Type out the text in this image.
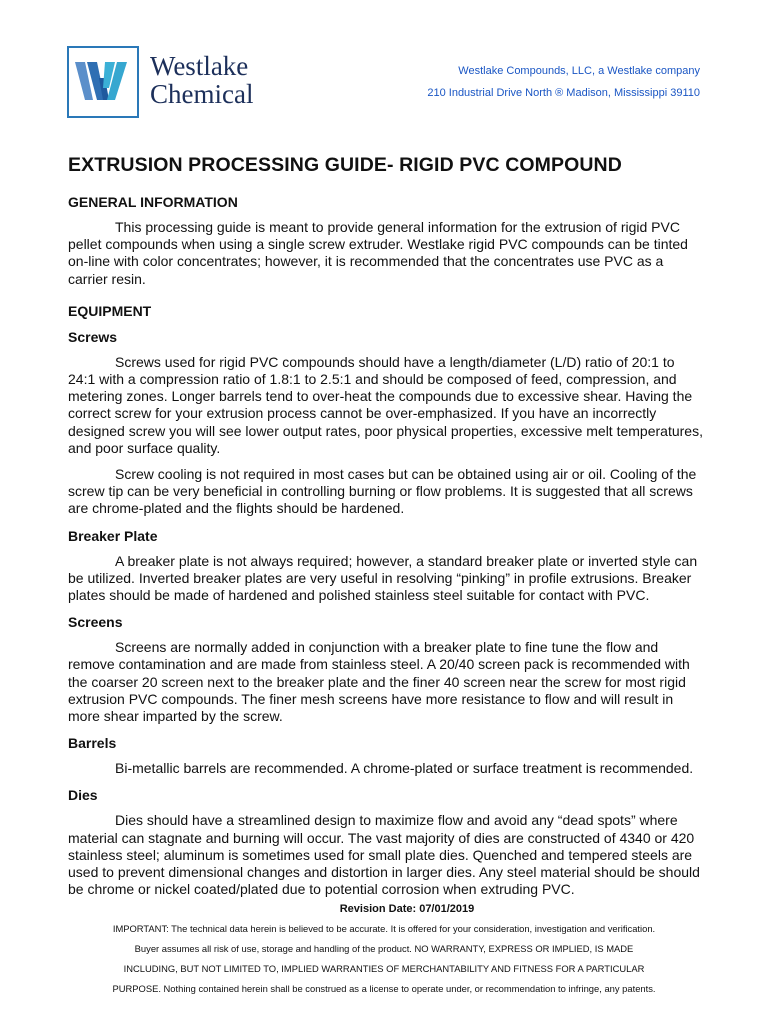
Westlake
Chemical
Westlake Compounds, LLC, a Westlake company
210 Industrial Drive North ® Madison, Mississippi 39110
EXTRUSION PROCESSING GUIDE- RIGID PVC COMPOUND
GENERAL INFORMATION

This processing guide is meant to provide general information for the extrusion of rigid PVC pellet compounds when using a single screw extruder. Westlake rigid PVC compounds can be tinted on-line with color concentrates; however, it is recommended that the concentrates use PVC as a carrier resin.

EQUIPMENT
Screws

Screws used for rigid PVC compounds should have a length/diameter (L/D) ratio of 20:1 to 24:1 with a compression ratio of 1.8:1 to 2.5:1 and should be composed of feed, compression, and metering zones. Longer barrels tend to over-heat the compounds due to excessive shear. Having the correct screw for your extrusion process cannot be over-emphasized. If you have an incorrectly designed screw you will see lower output rates, poor physical properties, excessive melt temperatures, and poor surface quality.

Screw cooling is not required in most cases but can be obtained using air or oil. Cooling of the screw tip can be very beneficial in controlling burning or flow problems. It is suggested that all screws are chrome-plated and the flights should be hardened.

Breaker Plate

A breaker plate is not always required; however, a standard breaker plate or inverted style can be utilized. Inverted breaker plates are very useful in resolving “pinking” in profile extrusions. Breaker plates should be made of hardened and polished stainless steel suitable for contact with PVC.

Screens

Screens are normally added in conjunction with a breaker plate to fine tune the flow and remove contamination and are made from stainless steel. A 20/40 screen pack is recommended with the coarser 20 screen next to the breaker plate and the finer 40 screen near the screw for most rigid extrusion PVC compounds. The finer mesh screens have more resistance to flow and will result in more shear imparted by the screw.

Barrels

Bi-metallic barrels are recommended. A chrome-plated or surface treatment is recommended.

Dies

Dies should have a streamlined design to maximize flow and avoid any “dead spots” where material can stagnate and burning will occur. The vast majority of dies are constructed of 4340 or 420 stainless steel; aluminum is sometimes used for small plate dies. Quenched and tempered steels are used to prevent dimensional changes and distortion in larger dies. Any steel material should be should be chrome or nickel coated/plated due to potential corrosion when extruding PVC.

Revision Date: 07/01/2019
IMPORTANT: The technical data herein is believed to be accurate. It is offered for your consideration, investigation and verification.
Buyer assumes all risk of use, storage and handling of the product. NO WARRANTY, EXPRESS OR IMPLIED, IS MADE
INCLUDING, BUT NOT LIMITED TO, IMPLIED WARRANTIES OF MERCHANTABILITY AND FITNESS FOR A PARTICULAR
PURPOSE. Nothing contained herein shall be construed as a license to operate under, or recommendation to infringe, any patents.
